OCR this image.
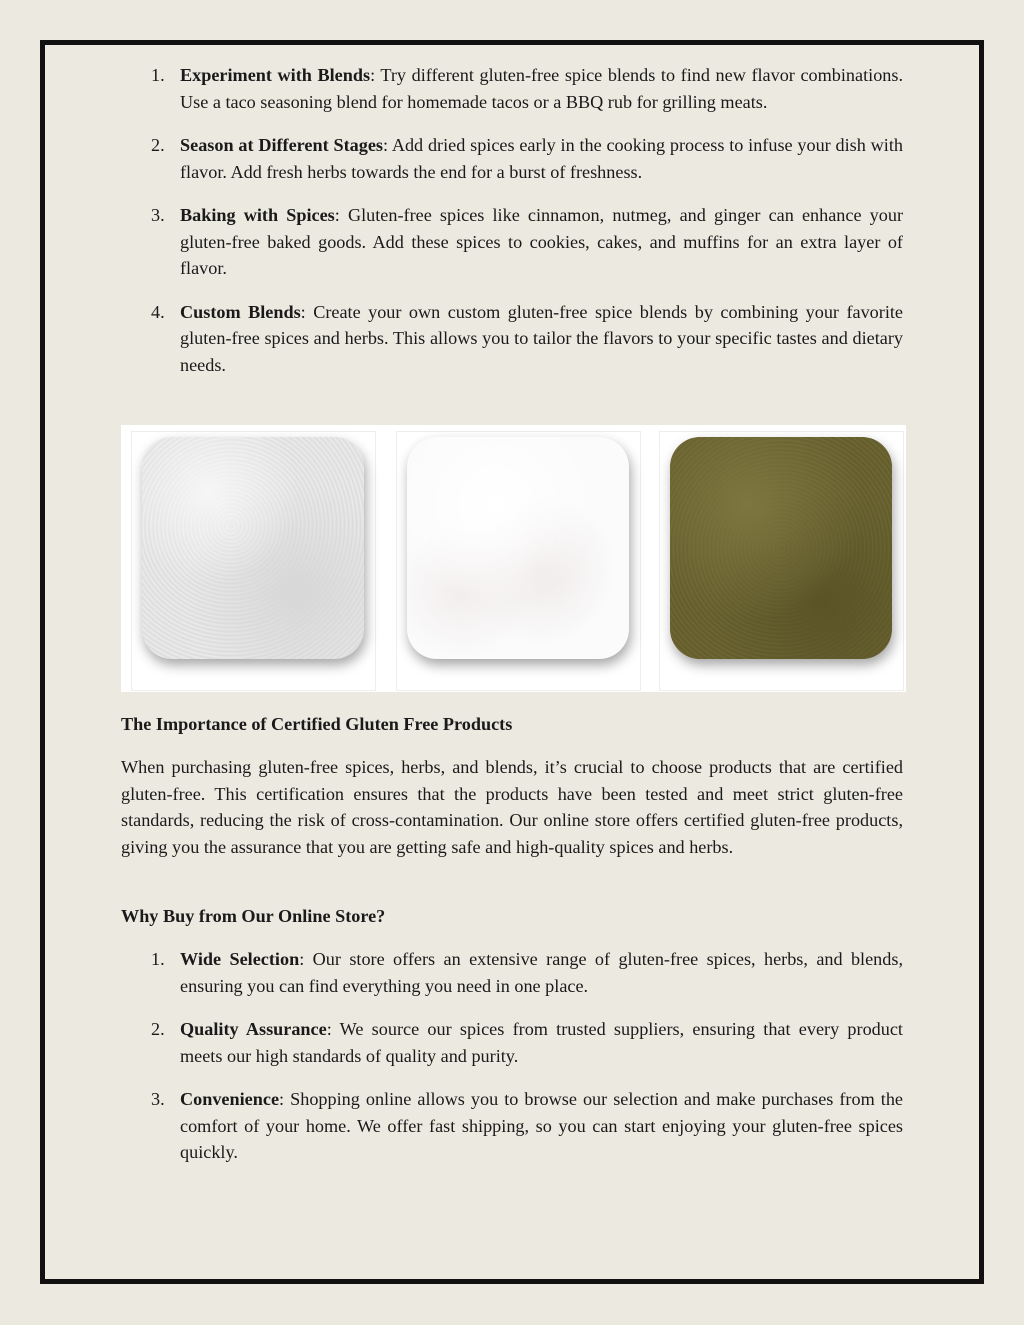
1. Experiment with Blends: Try different gluten-free spice blends to find new flavor combinations. Use a taco seasoning blend for homemade tacos or a BBQ rub for grilling meats.
2. Season at Different Stages: Add dried spices early in the cooking process to infuse your dish with flavor. Add fresh herbs towards the end for a burst of freshness.
3. Baking with Spices: Gluten-free spices like cinnamon, nutmeg, and ginger can enhance your gluten-free baked goods. Add these spices to cookies, cakes, and muffins for an extra layer of flavor.
4. Custom Blends: Create your own custom gluten-free spice blends by combining your favorite gluten-free spices and herbs. This allows you to tailor the flavors to your specific tastes and dietary needs.
The Importance of Certified Gluten Free Products
When purchasing gluten-free spices, herbs, and blends, it’s crucial to choose products that are certified gluten-free. This certification ensures that the products have been tested and meet strict gluten-free standards, reducing the risk of cross-contamination. Our online store offers certified gluten-free products, giving you the assurance that you are getting safe and high-quality spices and herbs.
Why Buy from Our Online Store?
1. Wide Selection: Our store offers an extensive range of gluten-free spices, herbs, and blends, ensuring you can find everything you need in one place.
2. Quality Assurance: We source our spices from trusted suppliers, ensuring that every product meets our high standards of quality and purity.
3. Convenience: Shopping online allows you to browse our selection and make purchases from the comfort of your home. We offer fast shipping, so you can start enjoying your gluten-free spices quickly.
